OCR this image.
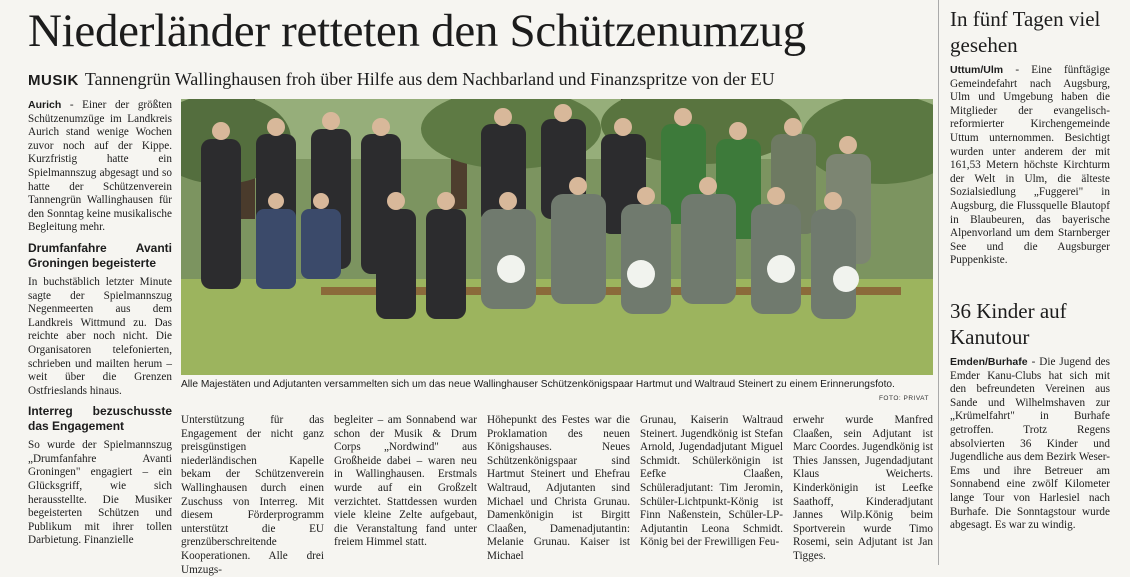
Niederländer retteten den Schützenumzug
MUSIK Tannengrün Wallinghausen froh über Hilfe aus dem Nachbarland und Finanzspritze von der EU

Aurich - Einer der größten Schützenumzüge im Landkreis Aurich stand wenige Wochen zuvor noch auf der Kippe. Kurzfristig hatte ein Spielmannszug abgesagt und so hatte der Schützenverein Tannengrün Wallinghausen für den Sonntag keine musikalische Begleitung mehr.

Drumfanfahre Avanti Groningen begeisterte

In buchstäblich letzter Minute sagte der Spielmannszug Negenmeerten aus dem Landkreis Wittmund zu. Das reichte aber noch nicht. Die Organisatoren telefonierten, schrieben und mailten herum – weit über die Grenzen Ostfrieslands hinaus.

Interreg bezuschusste das Engagement

So wurde der Spielmannszug „Drumfanfahre Avanti Groningen" engagiert – ein Glücksgriff, wie sich herausstellte. Die Musiker begeisterten Schützen und Publikum mit ihrer tollen Darbietung. Finanzielle

Alle Majestäten und Adjutanten versammelten sich um das neue Wallinghauser Schützenkönigspaar Hartmut und Waltraud Steinert zu einem Erinnerungsfoto.
FOTO: PRIVAT
Unterstützung für das Engagement der nicht ganz preisgünstigen niederländischen Kapelle bekam der Schützenverein Wallinghausen durch einen Zuschuss von Interreg. Mit diesem Förderprogramm unterstützt die EU grenzüberschreitende Kooperationen. Alle drei Umzugs-
begleiter – am Sonnabend war schon der Musik & Drum Corps „Nordwind" aus Großheide dabei – waren neu in Wallinghausen. Erstmals wurde auf ein Großzelt verzichtet. Stattdessen wurden viele kleine Zelte aufgebaut, die Veranstaltung fand unter freiem Himmel statt.
Höhepunkt des Festes war die Proklamation des neuen Königshauses. Neues Schützenkönigspaar sind Hartmut Steinert und Ehefrau Waltraud, Adjutanten sind Michael und Christa Grunau. Damenkönigin ist Birgitt Claaßen, Damenadjutantin: Melanie Grunau. Kaiser ist Michael
Grunau, Kaiserin Waltraud Steinert. Jugendkönig ist Stefan Arnold, Jugendadjutant Miguel Schmidt. Schülerkönigin ist Eefke Claaßen, Schüleradjutant: Tim Jeromin, Schüler-Lichtpunkt-König ist Finn Naßenstein, Schüler-LP-Adjutantin Leona Schmidt. König bei der Frewilligen Feu-
erwehr wurde Manfred Claaßen, sein Adjutant ist Marc Coordes. Jugendkönig ist Thies Janssen, Jugendadjutant Klaus Weicherts. Kinderkönigin ist Leefke Saathoff, Kinderadjutant Jannes Wilp.König beim Sportverein wurde Timo Rosemi, sein Adjutant ist Jan Tigges.
In fünf Tagen viel gesehen
Uttum/Ulm - Eine fünftägige Gemeindefahrt nach Augsburg, Ulm und Umgebung haben die Mitglieder der evangelisch-reformierter Kirchengemeinde Uttum unternommen. Besichtigt wurden unter anderem der mit 161,53 Metern höchste Kirchturm der Welt in Ulm, die älteste Sozialsiedlung „Fuggerei" in Augsburg, die Flussquelle Blautopf in Blaubeuren, das bayerische Alpenvorland um dem Starnberger See und die Augsburger Puppenkiste.
36 Kinder auf Kanutour
Emden/Burhafe - Die Jugend des Emder Kanu-Clubs hat sich mit den befreundeten Vereinen aus Sande und Wilhelmshaven zur „Krümelfahrt" in Burhafe getroffen. Trotz Regens absolvierten 36 Kinder und Jugendliche aus dem Bezirk Weser-Ems und ihre Betreuer am Sonnabend eine zwölf Kilometer lange Tour von Harlesiel nach Burhafe. Die Sonntagstour wurde abgesagt. Es war zu windig.
